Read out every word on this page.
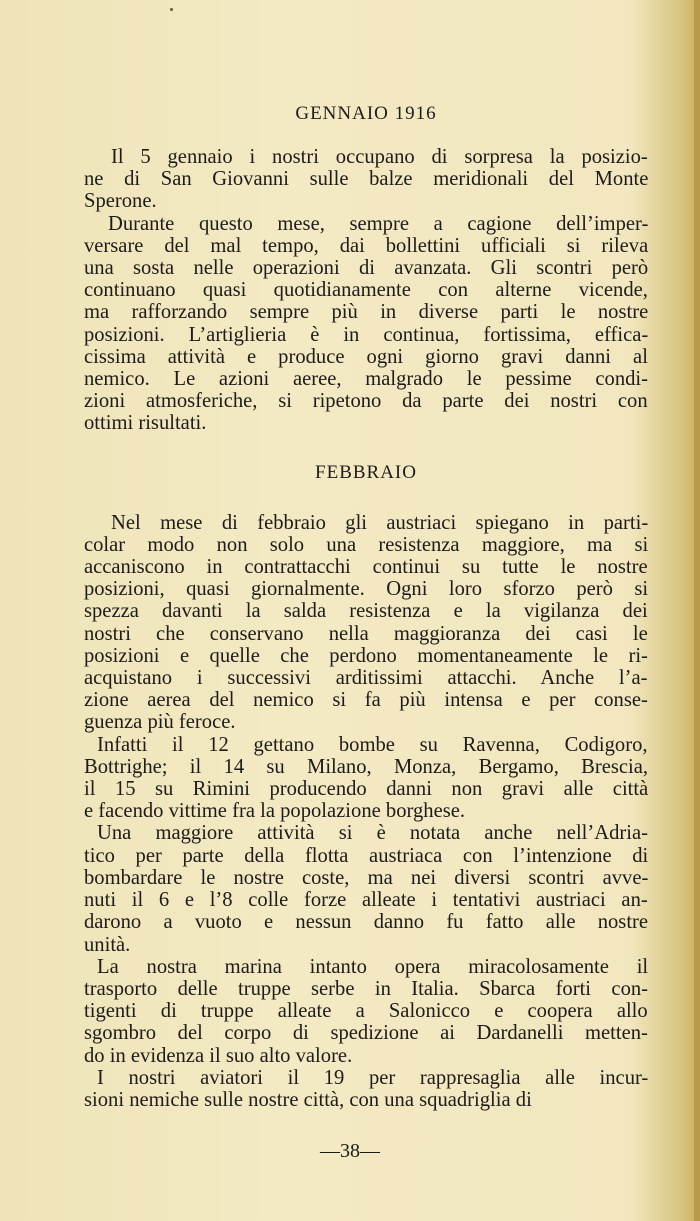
GENNAIO 1916

Il 5 gennaio i nostri occupano di sorpresa la posizio-
ne di San Giovanni sulle balze meridionali del Monte
Sperone.

Durante questo mese, sempre a cagione dell’imper-
versare del mal tempo, dai bollettini ufficiali si rileva
una sosta nelle operazioni di avanzata. Gli scontri però
continuano quasi quotidianamente con alterne vicende,
ma rafforzando sempre più in diverse parti le nostre
posizioni. L’artiglieria è in continua, fortissima, effica-
cissima attività e produce ogni giorno gravi danni al
nemico. Le azioni aeree, malgrado le pessime condi-
zioni atmosferiche, si ripetono da parte dei nostri con
ottimi risultati.

FEBBRAIO

Nel mese di febbraio gli austriaci spiegano in parti-
colar modo non solo una resistenza maggiore, ma si
accaniscono in contrattacchi continui su tutte le nostre
posizioni, quasi giornalmente. Ogni loro sforzo però si
spezza davanti la salda resistenza e la vigilanza dei
nostri che conservano nella maggioranza dei casi le
posizioni e quelle che perdono momentaneamente le ri-
acquistano i successivi arditissimi attacchi. Anche l’a-
zione aerea del nemico si fa più intensa e per conse-
guenza più feroce.

Infatti il 12 gettano bombe su Ravenna, Codigoro,
Bottrighe; il 14 su Milano, Monza, Bergamo, Brescia,
il 15 su Rimini producendo danni non gravi alle città
e facendo vittime fra la popolazione borghese.

Una maggiore attività si è notata anche nell’Adria-
tico per parte della flotta austriaca con l’intenzione di
bombardare le nostre coste, ma nei diversi scontri avve-
nuti il 6 e l’8 colle forze alleate i tentativi austriaci an-
darono a vuoto e nessun danno fu fatto alle nostre
unità.

La nostra marina intanto opera miracolosamente il
trasporto delle truppe serbe in Italia. Sbarca forti con-
tigenti di truppe alleate a Salonicco e coopera allo
sgombro del corpo di spedizione ai Dardanelli metten-
do in evidenza il suo alto valore.

I nostri aviatori il 19 per rappresaglia alle incur-
sioni nemiche sulle nostre città, con una squadriglia di

—38—
